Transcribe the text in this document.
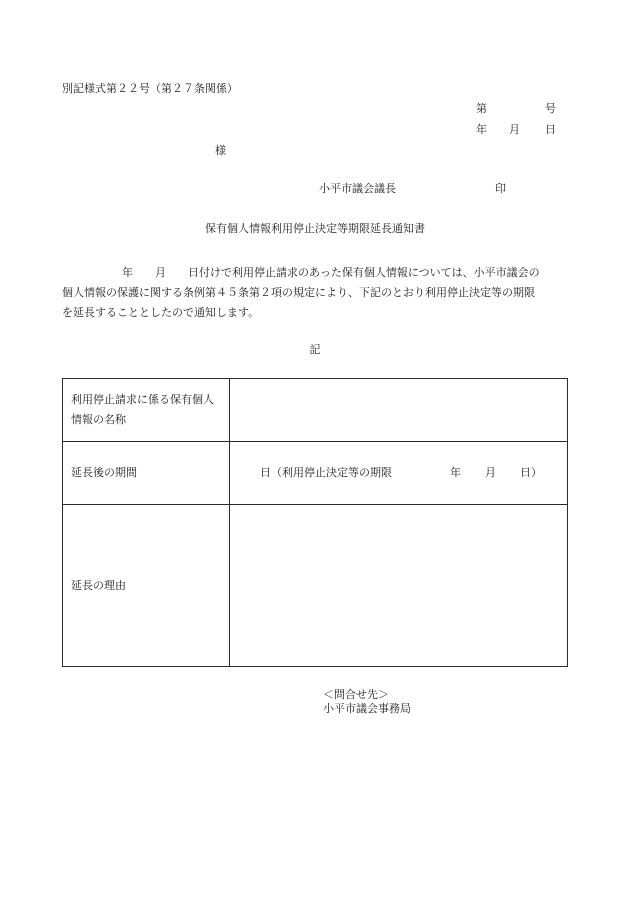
別記様式第２２号（第２７条関係）
第	号
年 月 日
様
小平市議会議長	印
保有個人情報利用停止決定等期限延長通知書
年 月 日付けで利用停止請求のあった保有個人情報については、小平市議会の
個人情報の保護に関する条例第４５条第２項の規定により、下記のとおり利用停止決定等の期限
を延長することとしたので通知します。
記
利用停止請求に係る保有個人情報の名称	
延長後の期間	日（利用停止決定等の期限 年 月 日）
延長の理由	
＜問合せ先＞
小平市議会事務局
